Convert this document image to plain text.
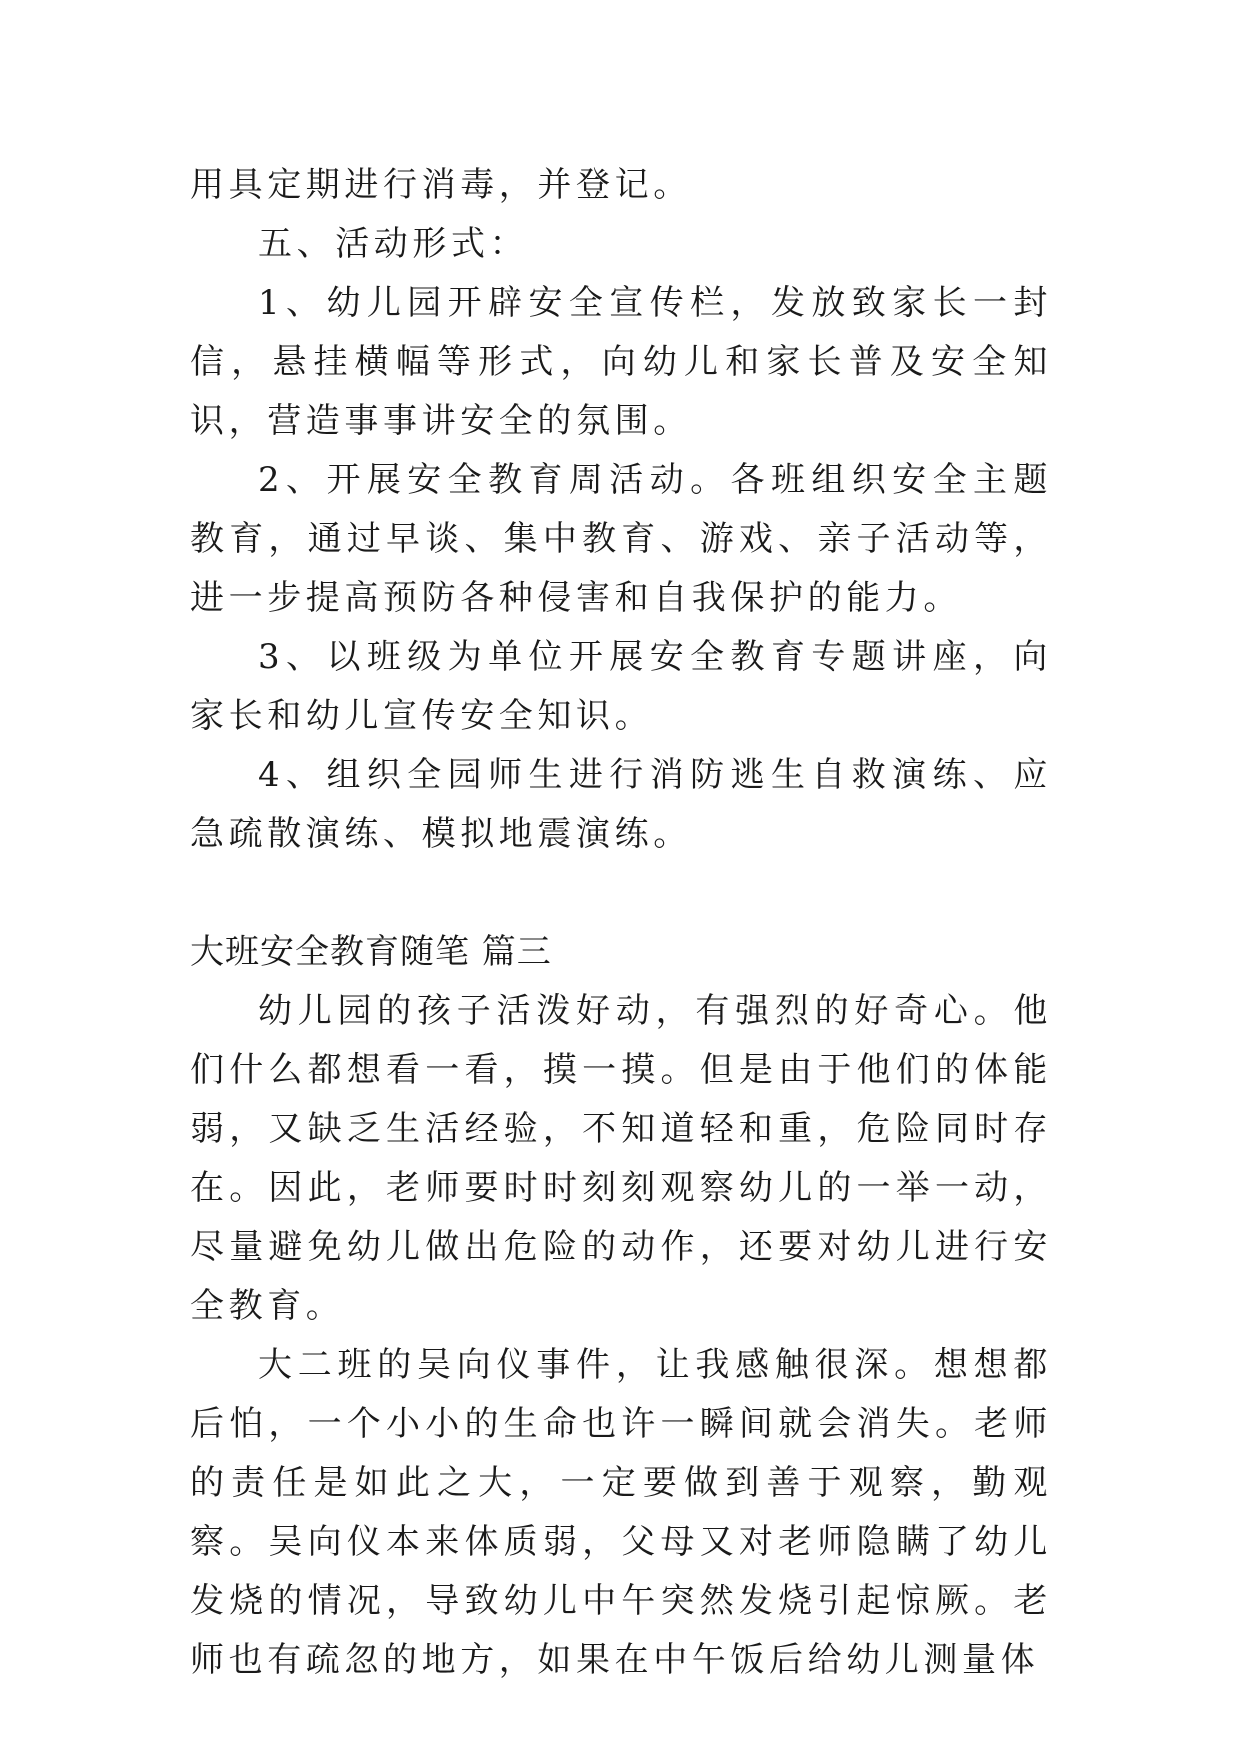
用具定期进行消毒，并登记。

五、活动形式：

1、幼儿园开辟安全宣传栏，发放致家长一封信，悬挂横幅等形式，向幼儿和家长普及安全知识，营造事事讲安全的氛围。

2、开展安全教育周活动。各班组织安全主题教育，通过早谈、集中教育、游戏、亲子活动等，进一步提高预防各种侵害和自我保护的能力。

3、以班级为单位开展安全教育专题讲座，向家长和幼儿宣传安全知识。

4、组织全园师生进行消防逃生自救演练、应急疏散演练、模拟地震演练。

大班安全教育随笔 篇三

幼儿园的孩子活泼好动，有强烈的好奇心。他们什么都想看一看，摸一摸。但是由于他们的体能弱，又缺乏生活经验，不知道轻和重，危险同时存在。因此，老师要时时刻刻观察幼儿的一举一动，尽量避免幼儿做出危险的动作，还要对幼儿进行安全教育。

大二班的吴向仪事件，让我感触很深。想想都后怕，一个小小的生命也许一瞬间就会消失。老师的责任是如此之大，一定要做到善于观察，勤观察。吴向仪本来体质弱，父母又对老师隐瞒了幼儿发烧的情况，导致幼儿中午突然发烧引起惊厥。老师也有疏忽的地方，如果在中午饭后给幼儿测量体
